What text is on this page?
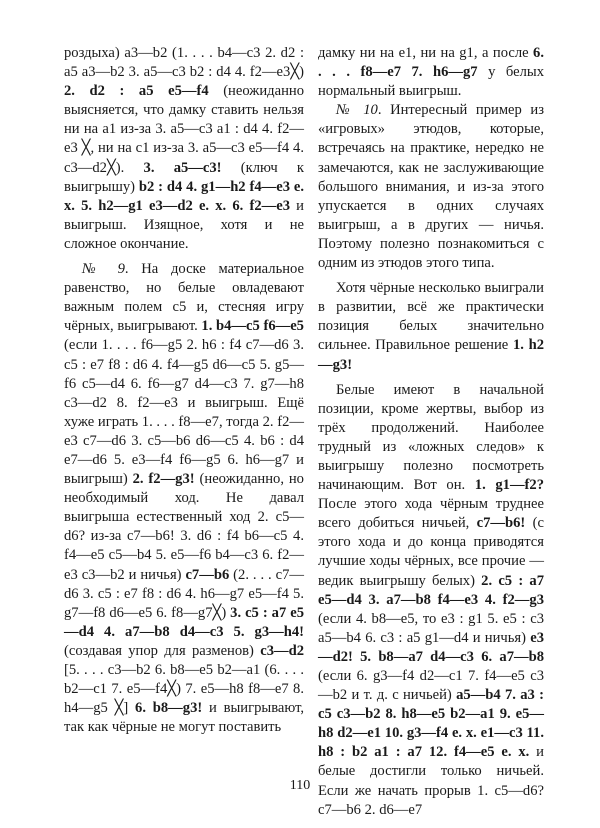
роздыха) a3—b2 (1. . . . b4—c3 2. d2 : a5 a3—b2 3. a5—c3 b2 : d4 4. f2—e3╳) 2. d2 : a5 e5—f4 (неожиданно выясняется, что дамку ставить нельзя ни на a1 из-за 3. a5—c3 a1 : d4 4. f2—e3 ╳, ни на c1 из-за 3. a5—c3 e5—f4 4. c3—d2╳). 3. a5—c3! (ключ к выигрышу) b2 : d4 4. g1—h2 f4—e3 e. x. 5. h2—g1 e3—d2 e. x. 6. f2—e3 и выигрыш. Изящное, хотя и не сложное окончание.

№ 9. На доске материальное равенство, но белые овладевают важным полем c5 и, стесняя игру чёрных, выигрывают. 1. b4—c5 f6—e5 (если 1. . . . f6—g5 2. h6 : f4 c7—d6 3. c5 : e7 f8 : d6 4. f4—g5 d6—c5 5. g5—f6 c5—d4 6. f6—g7 d4—c3 7. g7—h8 c3—d2 8. f2—e3 и выигрыш. Ещё хуже играть 1. . . . f8—e7, тогда 2. f2—e3 c7—d6 3. c5—b6 d6—c5 4. b6 : d4 e7—d6 5. e3—f4 f6—g5 6. h6—g7 и выигрыш) 2. f2—g3! (неожиданно, но необходимый ход. Не давал выигрыша естественный ход 2. c5—d6? из-за c7—b6! 3. d6 : f4 b6—c5 4. f4—e5 c5—b4 5. e5—f6 b4—c3 6. f2—e3 c3—b2 и ничья) c7—b6 (2. . . . c7—d6 3. c5 : e7 f8 : d6 4. h6—g7 e5—f4 5. g7—f8 d6—e5 6. f8—g7╳) 3. c5 : a7 e5—d4 4. a7—b8 d4—c3 5. g3—h4! (создавая упор для разменов) c3—d2 [5. . . . c3—b2 6. b8—e5 b2—a1 (6. . . . b2—c1 7. e5—f4╳) 7. e5—h8 f8—e7 8. h4—g5 ╳] 6. b8—g3! и выигрывают, так как чёрные не могут поставить

дамку ни на e1, ни на g1, а после 6. . . . f8—e7 7. h6—g7 у белых нормальный выигрыш.

№ 10. Интересный пример из «игровых» этюдов, которые, встречаясь на практике, нередко не замечаются, как не заслуживающие большого внимания, и из-за этого упускается в одних случаях выигрыш, а в других — ничья. Поэтому полезно познакомиться с одним из этюдов этого типа.

Хотя чёрные несколько выиграли в развитии, всё же практически позиция белых значительно сильнее. Правильное решение 1. h2—g3!

Белые имеют в начальной позиции, кроме жертвы, выбор из трёх продолжений. Наиболее трудный из «ложных следов» к выигрышу полезно посмотреть начинающим. Вот он. 1. g1—f2? После этого хода чёрным труднее всего добиться ничьей, c7—b6! (с этого хода и до конца приводятся лучшие ходы чёрных, все прочие — ведик выигрышу белых) 2. c5 : a7 e5—d4 3. a7—b8 f4—e3 4. f2—g3 (если 4. b8—e5, то e3 : g1 5. e5 : c3 a5—b4 6. c3 : a5 g1—d4 и ничья) e3—d2! 5. b8—a7 d4—c3 6. a7—b8 (если 6. g3—f4 d2—c1 7. f4—e5 c3—b2 и т. д. с ничьей) a5—b4 7. a3 : c5 c3—b2 8. h8—e5 b2—a1 9. e5—h8 d2—e1 10. g3—f4 e. x. e1—c3 11. h8 : b2 a1 : a7 12. f4—e5 e. x. и белые достигли только ничьей. Если же начать прорыв 1. c5—d6? c7—b6 2. d6—e7

110
